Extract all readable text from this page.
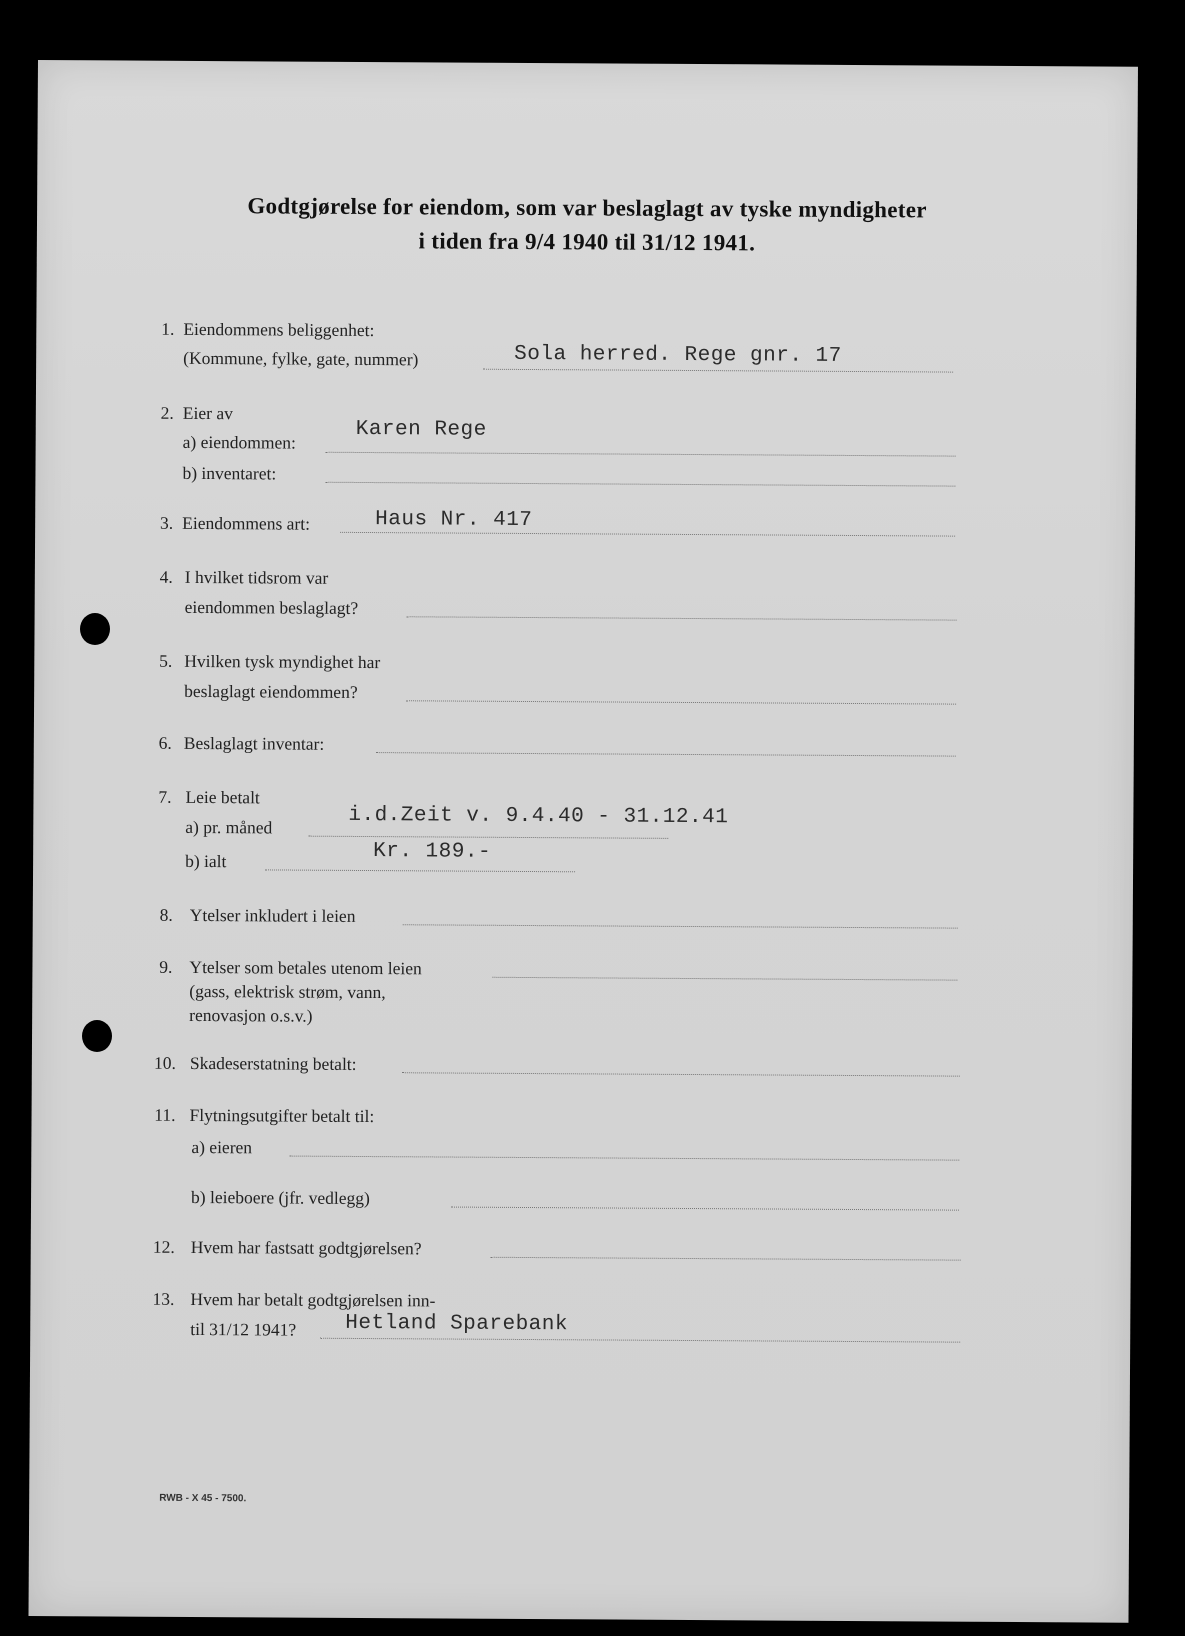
Godtgjørelse for eiendom, som var beslaglagt av tyske myndigheter
i tiden fra 9/4 1940 til 31/12 1941.
1. Eiendommens beliggenhet:
(Kommune, fylke, gate, nummer)	Sola herred. Rege gnr. 17
2. Eier av
a) eiendommen:
Karen Rege
b) inventaret:
3. Eiendommens art:	Haus Nr. 417
4. I hvilket tidsrom var
eiendommen beslaglagt?
5. Hvilken tysk myndighet har
beslaglagt eiendommen?
6. Beslaglagt inventar:
7. Leie betalt
a) pr. måned	i.d.Zeit v. 9.4.40 - 31.12.41
b) ialt	Kr. 189.-
8. Ytelser inkludert i leien
9. Ytelser som betales utenom leien
(gass, elektrisk strøm, vann,
renovasjon o.s.v.)
10. Skadeserstatning betalt:
11. Flytningsutgifter betalt til:
a) eieren
b) leieboere (jfr. vedlegg)
12. Hvem har fastsatt godtgjørelsen?
13. Hvem har betalt godtgjørelsen inn-
til 31/12 1941? Hetland Sparebank
RWB - X 45 - 7500.
